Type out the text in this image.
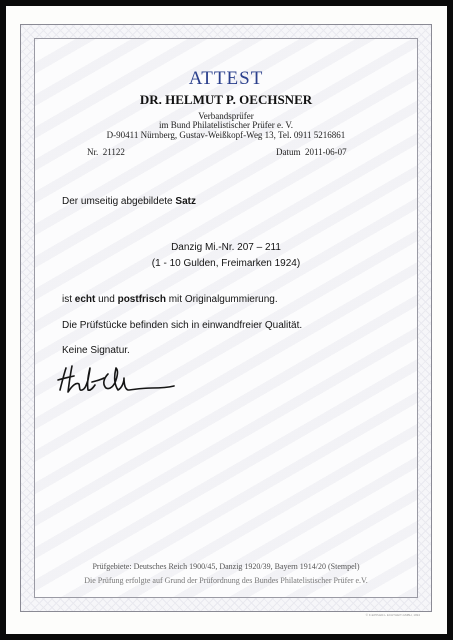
ATTEST
DR. HELMUT P. OECHSNER
Verbandsprüfer
im Bund Philatelistischer Prüfer e. V.
D-90411 Nürnberg, Gustav-Weißkopf-Weg 13, Tel. 0911 5216861
Nr. 21122	Datum 2011-06-07
Der umseitig abgebildete Satz
Danzig Mi.-Nr. 207 – 211
(1 - 10 Gulden, Freimarken 1924)
ist echt und postfrisch mit Originalgummierung.
Die Prüfstücke befinden sich in einwandfreier Qualität.
Keine Signatur.
Prüfgebiete: Deutsches Reich 1900/45, Danzig 1920/39, Bayern 1914/20 (Stempel)
Die Prüfung erfolgte auf Grund der Prüfordnung des Bundes Philatelistischer Prüfer e.V.
© K.EPPLER-L ECHTHEIT-GMBH, 1994
